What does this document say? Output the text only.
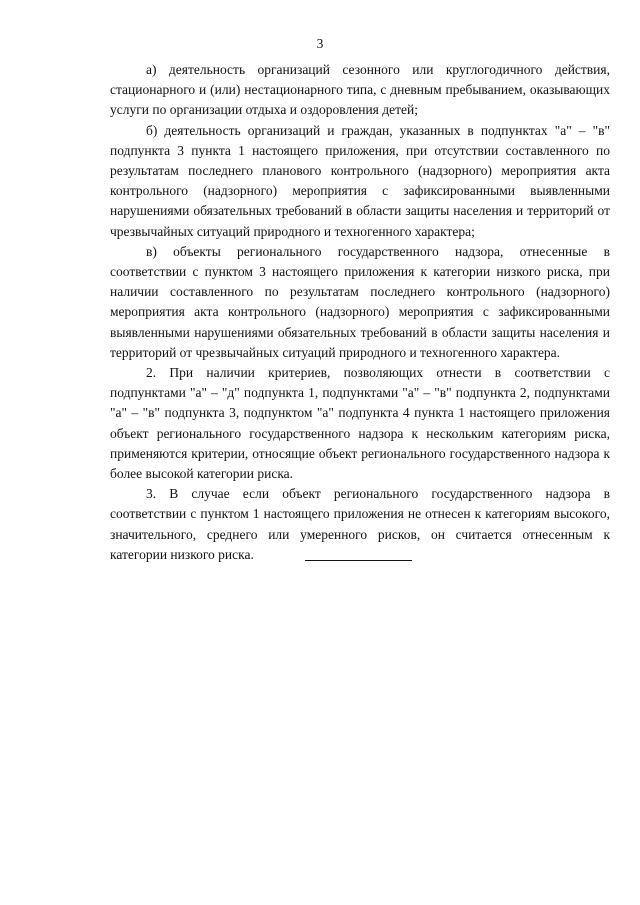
3

а) деятельность организаций сезонного или круглогодичного действия, стационарного и (или) нестационарного типа, с дневным пребыванием, оказывающих услуги по организации отдыха и оздоровления детей;

б) деятельность организаций и граждан, указанных в подпунктах "а" – "в" подпункта 3 пункта 1 настоящего приложения, при отсутствии составленного по результатам последнего планового контрольного (надзорного) мероприятия акта контрольного (надзорного) мероприятия с зафиксированными выявленными нарушениями обязательных требований в области защиты населения и территорий от чрезвычайных ситуаций природного и техногенного характера;

в) объекты регионального государственного надзора, отнесенные в соответствии с пунктом 3 настоящего приложения к категории низкого риска, при наличии составленного по результатам последнего контрольного (надзорного) мероприятия акта контрольного (надзорного) мероприятия с зафиксированными выявленными нарушениями обязательных требований в области защиты населения и территорий от чрезвычайных ситуаций природного и техногенного характера.

2. При наличии критериев, позволяющих отнести в соответствии с подпунктами "а" – "д" подпункта 1, подпунктами "а" – "в" подпункта 2, подпунктами "а" – "в" подпункта 3, подпунктом "а" подпункта 4 пункта 1 настоящего приложения объект регионального государственного надзора к нескольким категориям риска, применяются критерии, относящие объект регионального государственного надзора к более высокой категории риска.

3. В случае если объект регионального государственного надзора в соответствии с пунктом 1 настоящего приложения не отнесен к категориям высокого, значительного, среднего или умеренного рисков, он считается отнесенным к категории низкого риска.
